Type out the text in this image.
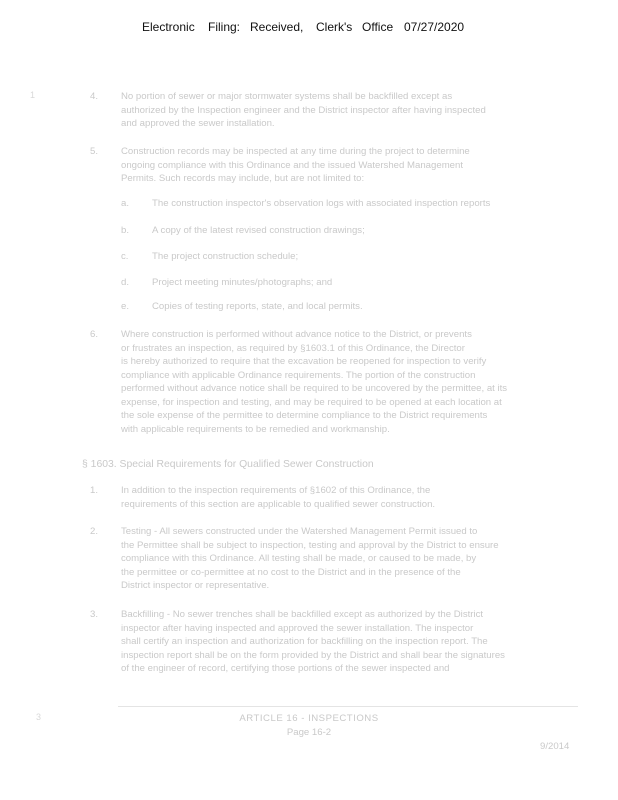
Electronic Filing: Received, Clerk's Office 07/27/2020
1
3
4. No portion of sewer or major stormwater systems shall be backfilled except as
authorized by the Inspection engineer and the District inspector after having inspected
and approved the sewer installation.
5. Construction records may be inspected at any time during the project to determine
ongoing compliance with this Ordinance and the issued Watershed Management
Permits. Such records may include, but are not limited to:
a. The construction inspector's observation logs with associated inspection reports
b. A copy of the latest revised construction drawings;
c. The project construction schedule;
d. Project meeting minutes/photographs; and
e. Copies of testing reports, state, and local permits.
6. Where construction is performed without advance notice to the District, or prevents
or frustrates an inspection, as required by §1603.1 of this Ordinance, the Director
is hereby authorized to require that the excavation be reopened for inspection to verify
compliance with applicable Ordinance requirements. The portion of the construction
performed without advance notice shall be required to be uncovered by the permittee, at its
expense, for inspection and testing, and may be required to be opened at each location at
the sole expense of the permittee to determine compliance to the District requirements
with applicable requirements to be remedied and workmanship.
§ 1603. Special Requirements for Qualified Sewer Construction
1. In addition to the inspection requirements of §1602 of this Ordinance, the
requirements of this section are applicable to qualified sewer construction.
2. Testing - All sewers constructed under the Watershed Management Permit issued to
the Permittee shall be subject to inspection, testing and approval by the District to ensure
compliance with this Ordinance. All testing shall be made, or caused to be made, by
the permittee or co-permittee at no cost to the District and in the presence of the
District inspector or representative.
3. Backfilling - No sewer trenches shall be backfilled except as authorized by the District
inspector after having inspected and approved the sewer installation. The inspector
shall certify an inspection and authorization for backfilling on the inspection report. The
inspection report shall be on the form provided by the District and shall bear the signatures
of the engineer of record, certifying those portions of the sewer inspected and
ARTICLE 16 - INSPECTIONS
Page 16-2
9/2014
